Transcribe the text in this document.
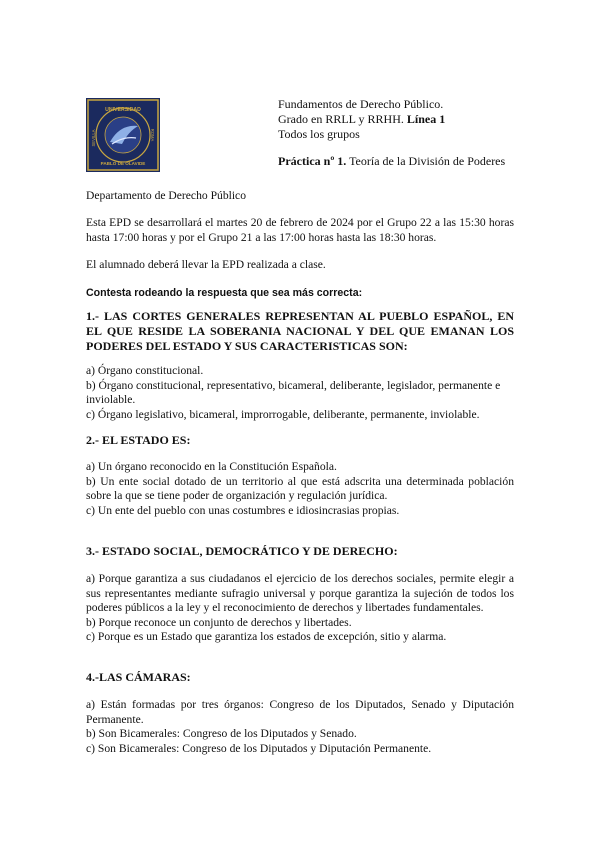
UNIVERSIDAD
PABLO DE OLAVIDE
SEVILLA	ROMA
Fundamentos de Derecho Público.
Grado en RRLL y RRHH. Línea 1
Todos los grupos
Práctica nº 1. Teoría de la División de Poderes
Departamento de Derecho Público
Esta EPD se desarrollará el martes 20 de febrero de 2024 por el Grupo 22 a las 15:30 horas hasta 17:00 horas y por el Grupo 21 a las 17:00 horas hasta las 18:30 horas.
El alumnado deberá llevar la EPD realizada a clase.
Contesta rodeando la respuesta que sea más correcta:
1.- LAS CORTES GENERALES REPRESENTAN AL PUEBLO ESPAÑOL, EN EL QUE RESIDE LA SOBERANIA NACIONAL Y DEL QUE EMANAN LOS PODERES DEL ESTADO Y SUS CARACTERISTICAS SON:
a) Órgano constitucional.
b) Órgano constitucional, representativo, bicameral, deliberante, legislador, permanente e inviolable.
c) Órgano legislativo, bicameral, improrrogable, deliberante, permanente, inviolable.
2.- EL ESTADO ES:
a) Un órgano reconocido en la Constitución Española.
b) Un ente social dotado de un territorio al que está adscrita una determinada población sobre la que se tiene poder de organización y regulación jurídica.
c) Un ente del pueblo con unas costumbres e idiosincrasias propias.
3.- ESTADO SOCIAL, DEMOCRÁTICO Y DE DERECHO:
a) Porque garantiza a sus ciudadanos el ejercicio de los derechos sociales, permite elegir a sus representantes mediante sufragio universal y porque garantiza la sujeción de todos los poderes públicos a la ley y el reconocimiento de derechos y libertades fundamentales.
b) Porque reconoce un conjunto de derechos y libertades.
c) Porque es un Estado que garantiza los estados de excepción, sitio y alarma.
4.-LAS CÁMARAS:
a) Están formadas por tres órganos: Congreso de los Diputados, Senado y Diputación Permanente.
b) Son Bicamerales: Congreso de los Diputados y Senado.
c) Son Bicamerales: Congreso de los Diputados y Diputación Permanente.
